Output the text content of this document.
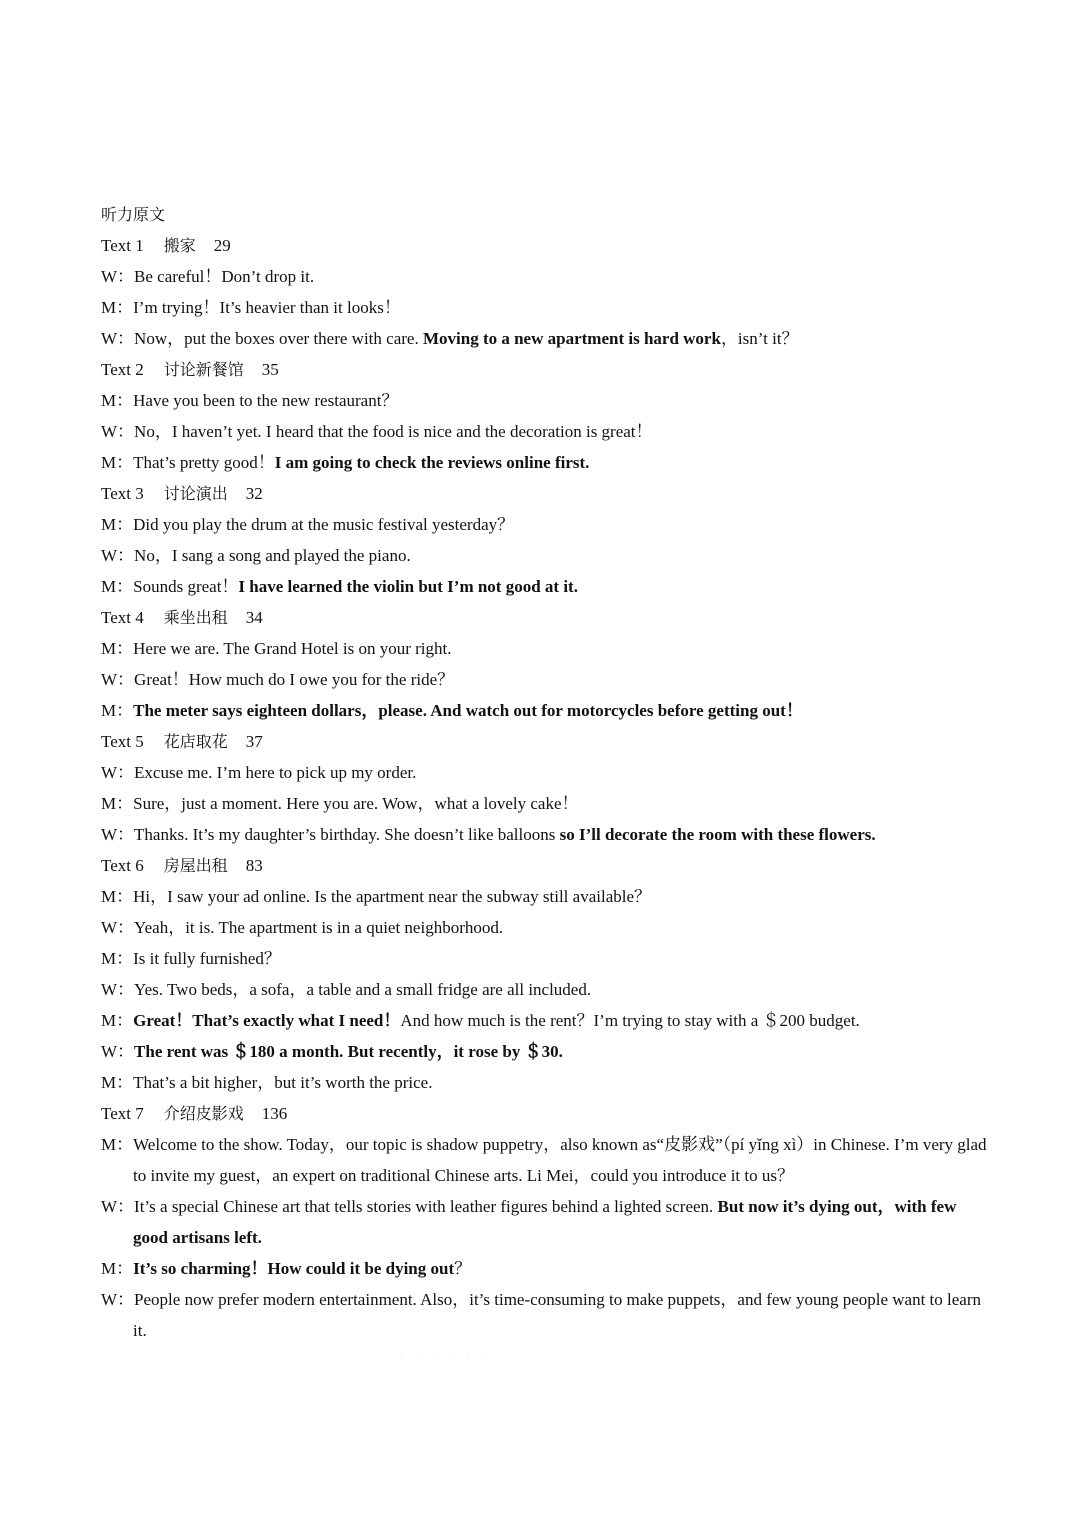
听力原文
Text 1 搬家 29
W：Be careful！Don’t drop it.
M：I’m trying！It’s heavier than it looks！
W：Now，put the boxes over there with care. Moving to a new apartment is hard work，isn’t it？
Text 2 讨论新餐馆 35
M：Have you been to the new restaurant？
W：No，I haven’t yet. I heard that the food is nice and the decoration is great！
M：That’s pretty good！I am going to check the reviews online first.
Text 3 讨论演出 32
M：Did you play the drum at the music festival yesterday？
W：No，I sang a song and played the piano.
M：Sounds great！I have learned the violin but I’m not good at it.
Text 4 乘坐出租 34
M：Here we are. The Grand Hotel is on your right.
W：Great！How much do I owe you for the ride？
M：The meter says eighteen dollars，please. And watch out for motorcycles before getting out！
Text 5 花店取花 37
W：Excuse me. I’m here to pick up my order.
M：Sure，just a moment. Here you are. Wow，what a lovely cake！
W：Thanks. It’s my daughter’s birthday. She doesn’t like balloons so I’ll decorate the room with these flowers.
Text 6 房屋出租 83
M：Hi，I saw your ad online. Is the apartment near the subway still available？
W：Yeah，it is. The apartment is in a quiet neighborhood.
M：Is it fully furnished？
W：Yes. Two beds，a sofa，a table and a small fridge are all included.
M：Great！That’s exactly what I need！And how much is the rent？I’m trying to stay with a ＄200 budget.
W：The rent was ＄180 a month. But recently，it rose by ＄30.
M：That’s a bit higher，but it’s worth the price.
Text 7 介绍皮影戏 136
M：Welcome to the show. Today，our topic is shadow puppetry，also known as“皮影戏”（pí yǐng xì）in Chinese. I’m very glad to invite my guest，an expert on traditional Chinese arts. Li Mei，could you introduce it to us？
W：It’s a special Chinese art that tells stories with leather figures behind a lighted screen. But now it’s dying out，with few good artisans left.
M：It’s so charming！How could it be dying out？
W：People now prefer modern entertainment. Also，it’s time-consuming to make puppets，and few young people want to learn it.
· · · · · ·
